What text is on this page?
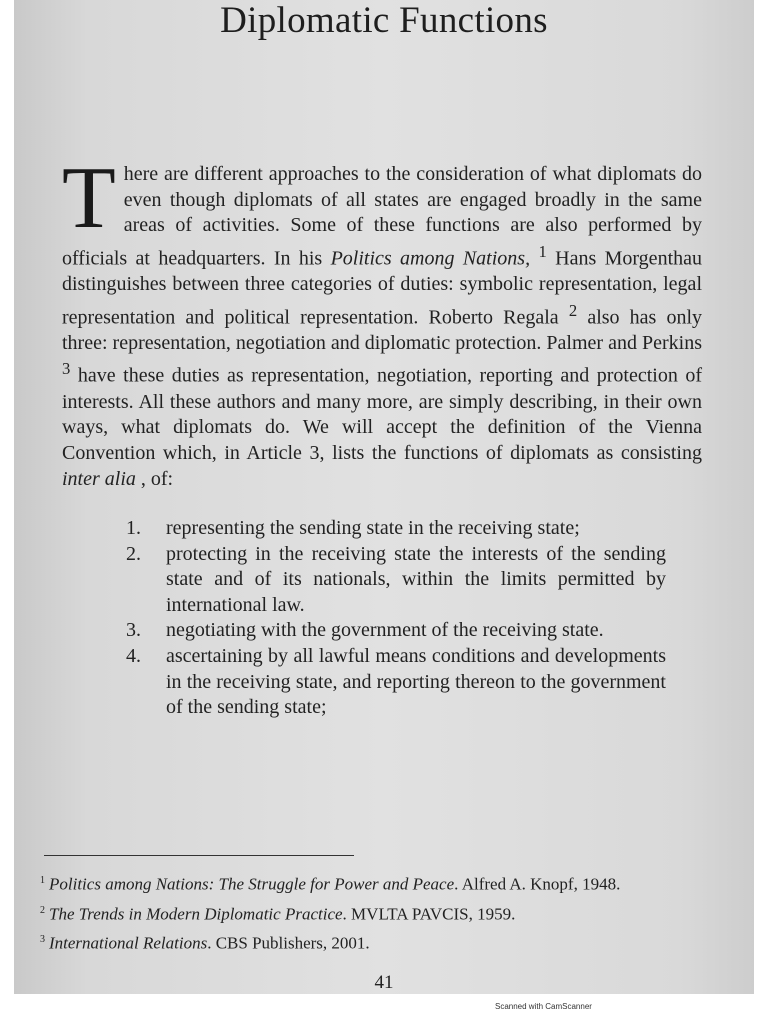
Diplomatic Functions

T here are different approaches to the consideration of what diplomats do even though diplomats of all states are engaged broadly in the same areas of activities. Some of these functions are also performed by officials at headquarters. In his Politics among Nations, $^1$ Hans Morgenthau distinguishes between three categories of duties: symbolic representation, legal representation and political representation. Roberto Regala $^2$ also has only three: representation, negotiation and diplomatic protection. Palmer and Perkins $^3$ have these duties as representation, negotiation, reporting and protection of interests. All these authors and many more, are simply describing, in their own ways, what diplomats do. We will accept the definition of the Vienna Convention which, in Article 3, lists the functions of diplomats as consisting inter alia , of:

1. representing the sending state in the receiving state;
2. protecting in the receiving state the interests of the sending state and of its nationals, within the limits permitted by international law.
3. negotiating with the government of the receiving state.
4. ascertaining by all lawful means conditions and developments in the receiving state, and reporting thereon to the government of the sending state;
$^1$ Politics among Nations: The Struggle for Power and Peace. Alfred A. Knopf, 1948.
$^2$ The Trends in Modern Diplomatic Practice. MVLTA PAVCIS, 1959.
$^3$ International Relations. CBS Publishers, 2001.
41
Scanned with CamScanner
